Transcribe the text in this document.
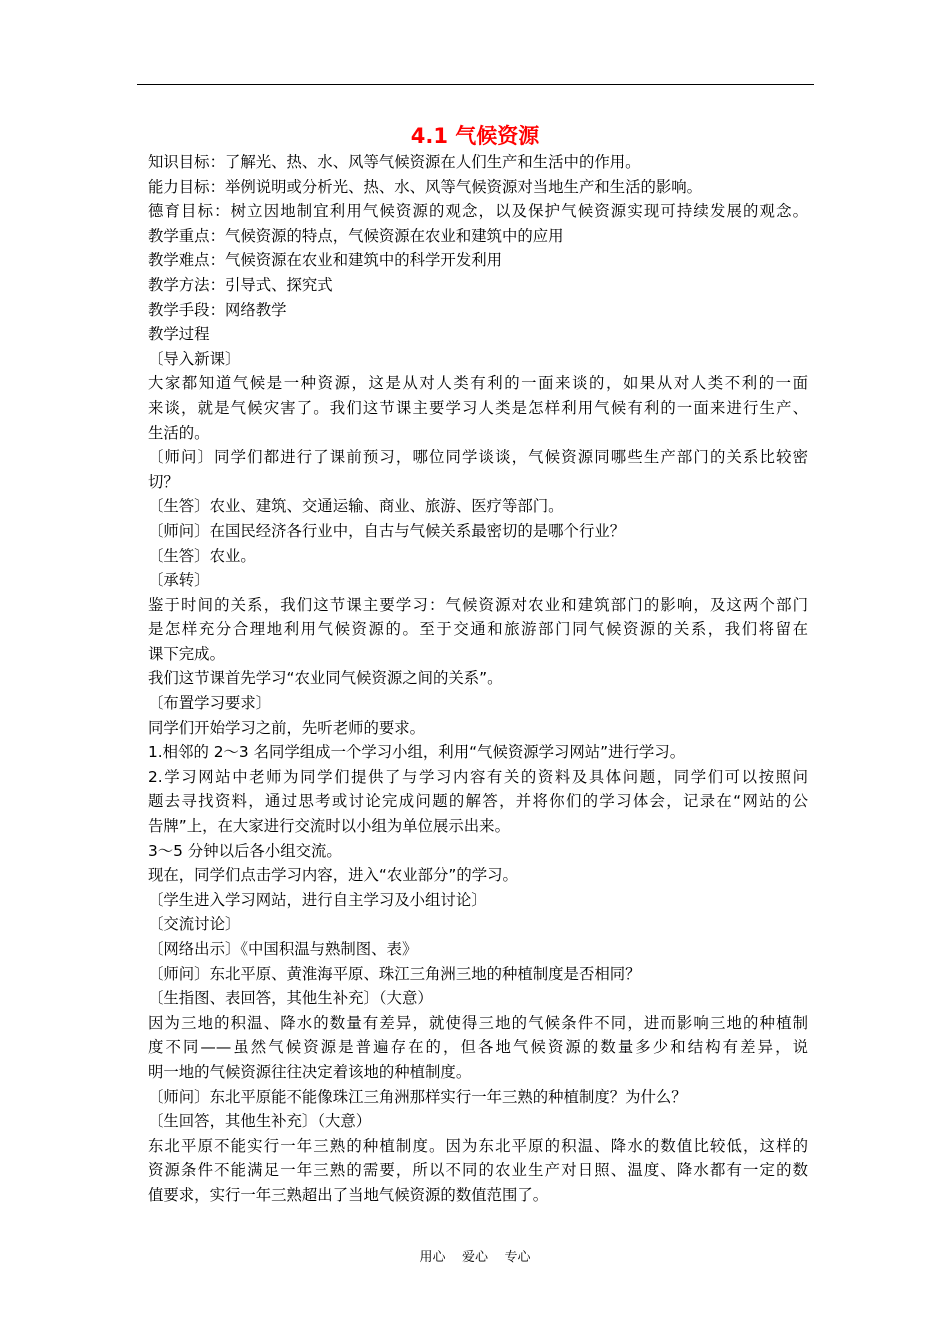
4.1 气候资源
知识目标：了解光、热、水、风等气候资源在人们生产和生活中的作用。
能力目标：举例说明或分析光、热、水、风等气候资源对当地生产和生活的影响。
德育目标：树立因地制宜利用气候资源的观念，以及保护气候资源实现可持续发展的观念。
教学重点：气候资源的特点，气候资源在农业和建筑中的应用
教学难点：气候资源在农业和建筑中的科学开发利用
教学方法：引导式、探究式
教学手段：网络教学
教学过程
〔导入新课〕
大家都知道气候是一种资源，这是从对人类有利的一面来谈的，如果从对人类不利的一面
来谈，就是气候灾害了。我们这节课主要学习人类是怎样利用气候有利的一面来进行生产、
生活的。
〔师问〕同学们都进行了课前预习，哪位同学谈谈，气候资源同哪些生产部门的关系比较密
切？
〔生答〕农业、建筑、交通运输、商业、旅游、医疗等部门。
〔师问〕在国民经济各行业中，自古与气候关系最密切的是哪个行业？
〔生答〕农业。
〔承转〕
鉴于时间的关系，我们这节课主要学习：气候资源对农业和建筑部门的影响，及这两个部门
是怎样充分合理地利用气候资源的。至于交通和旅游部门同气候资源的关系，我们将留在
课下完成。
我们这节课首先学习“农业同气候资源之间的关系”。
〔布置学习要求〕
同学们开始学习之前，先听老师的要求。
1.相邻的 2～3 名同学组成一个学习小组，利用“气候资源学习网站”进行学习。
2.学习网站中老师为同学们提供了与学习内容有关的资料及具体问题，同学们可以按照问
题去寻找资料，通过思考或讨论完成问题的解答，并将你们的学习体会，记录在“网站的公
告牌”上，在大家进行交流时以小组为单位展示出来。
3～5 分钟以后各小组交流。
现在，同学们点击学习内容，进入“农业部分”的学习。
〔学生进入学习网站，进行自主学习及小组讨论〕
〔交流讨论〕
〔网络出示〕《中国积温与熟制图、表》
〔师问〕东北平原、黄淮海平原、珠江三角洲三地的种植制度是否相同？
〔生指图、表回答，其他生补充〕（大意）
因为三地的积温、降水的数量有差异，就使得三地的气候条件不同，进而影响三地的种植制
度不同——虽然气候资源是普遍存在的，但各地气候资源的数量多少和结构有差异，说
明一地的气候资源往往决定着该地的种植制度。
〔师问〕东北平原能不能像珠江三角洲那样实行一年三熟的种植制度？为什么？
〔生回答，其他生补充〕（大意）
东北平原不能实行一年三熟的种植制度。因为东北平原的积温、降水的数值比较低，这样的
资源条件不能满足一年三熟的需要，所以不同的农业生产对日照、温度、降水都有一定的数
值要求，实行一年三熟超出了当地气候资源的数值范围了。
用心    爱心    专心
